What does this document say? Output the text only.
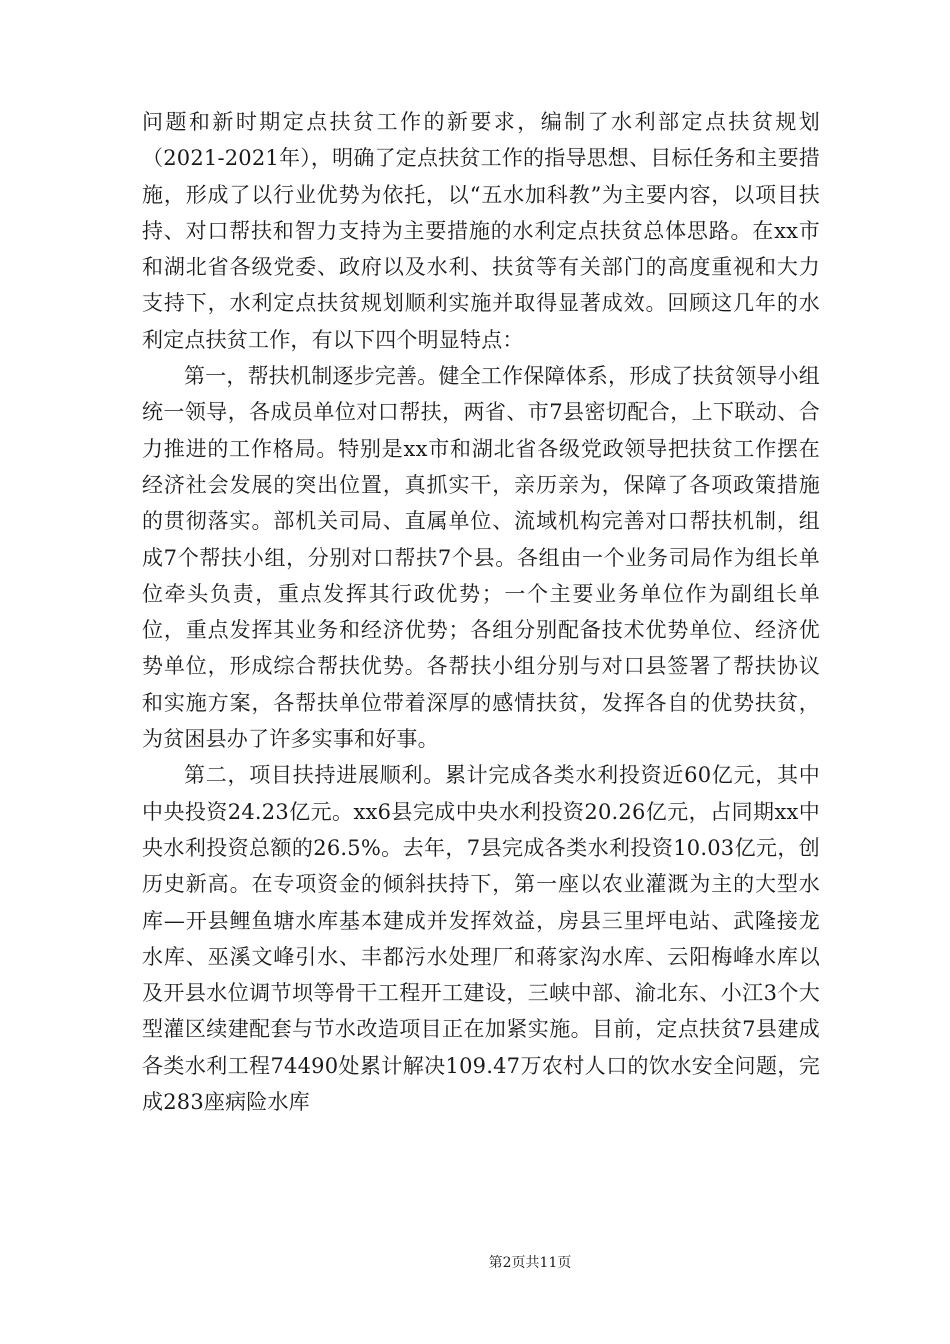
问题和新时期定点扶贫工作的新要求，编制了水利部定点扶贫规划（2021-2021年），明确了定点扶贫工作的指导思想、目标任务和主要措施，形成了以行业优势为依托，以“五水加科教”为主要内容，以项目扶持、对口帮扶和智力支持为主要措施的水利定点扶贫总体思路。在xx市和湖北省各级党委、政府以及水利、扶贫等有关部门的高度重视和大力支持下，水利定点扶贫规划顺利实施并取得显著成效。回顾这几年的水利定点扶贫工作，有以下四个明显特点：

第一，帮扶机制逐步完善。健全工作保障体系，形成了扶贫领导小组统一领导，各成员单位对口帮扶，两省、市7县密切配合，上下联动、合力推进的工作格局。特别是xx市和湖北省各级党政领导把扶贫工作摆在经济社会发展的突出位置，真抓实干，亲历亲为，保障了各项政策措施的贯彻落实。部机关司局、直属单位、流域机构完善对口帮扶机制，组成7个帮扶小组，分别对口帮扶7个县。各组由一个业务司局作为组长单位牵头负责，重点发挥其行政优势；一个主要业务单位作为副组长单位，重点发挥其业务和经济优势；各组分别配备技术优势单位、经济优势单位，形成综合帮扶优势。各帮扶小组分别与对口县签署了帮扶协议和实施方案，各帮扶单位带着深厚的感情扶贫，发挥各自的优势扶贫，为贫困县办了许多实事和好事。

第二，项目扶持进展顺利。累计完成各类水利投资近60亿元，其中中央投资24.23亿元。xx6县完成中央水利投资20.26亿元，占同期xx中央水利投资总额的26.5%。去年，7县完成各类水利投资10.03亿元，创历史新高。在专项资金的倾斜扶持下，第一座以农业灌溉为主的大型水库—开县鲤鱼塘水库基本建成并发挥效益，房县三里坪电站、武隆接龙水库、巫溪文峰引水、丰都污水处理厂和蒋家沟水库、云阳梅峰水库以及开县水位调节坝等骨干工程开工建设，三峡中部、渝北东、小江3个大型灌区续建配套与节水改造项目正在加紧实施。目前，定点扶贫7县建成各类水利工程74490处累计解决109.47万农村人口的饮水安全问题，完成283座病险水库

第2页共11页
